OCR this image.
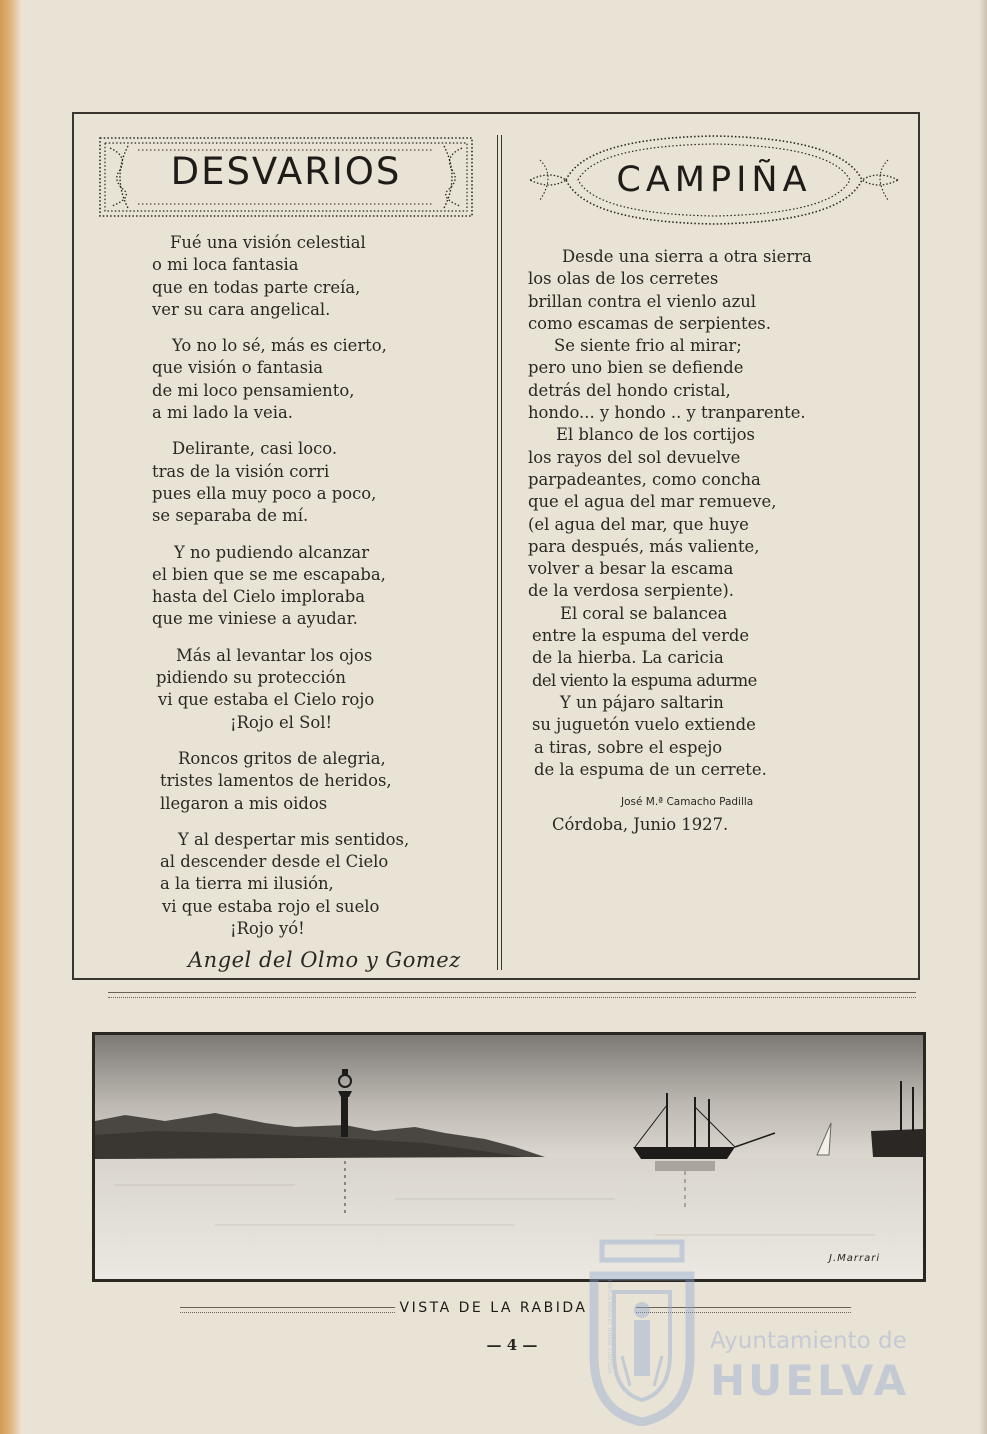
DESVARIOS	CAMPIÑA
Fué una visión celestial
o mi loca fantasia
que en todas parte creía,
ver su cara angelical.
Yo no lo sé, más es cierto,
que visión o fantasia
de mi loco pensamiento,
a mi lado la veia.
Delirante, casi loco.
tras de la visión corri
pues ella muy poco a poco,
se separaba de mí.
Y no pudiendo alcanzar
el bien que se me escapaba,
hasta del Cielo imploraba
que me viniese a ayudar.
Más al levantar los ojos
pidiendo su protección
vi que estaba el Cielo rojo
¡Rojo el Sol!
Roncos gritos de alegria,
tristes lamentos de heridos,
llegaron a mis oidos
Y al despertar mis sentidos,
al descender desde el Cielo
a la tierra mi ilusión,
vi que estaba rojo el suelo
¡Rojo yó!
Angel del Olmo y Gomez
Desde una sierra a otra sierra
los olas de los cerretes
brillan contra el vienlo azul
como escamas de serpientes.
Se siente frio al mirar;
pero uno bien se defiende
detrás del hondo cristal,
hondo... y hondo .. y tranparente.
El blanco de los cortijos
los rayos del sol devuelve
parpadeantes, como concha
que el agua del mar remueve,
(el agua del mar, que huye
para después, más valiente,
volver a besar la escama
de la verdosa serpiente).
El coral se balancea
entre la espuma del verde
de la hierba. La caricia
del viento la espuma adurme
Y un pájaro saltarin
su juguetón vuelo extiende
a tiras, sobre el espejo
de la espuma de un cerrete.
José M.ª Camacho Padilla
Córdoba, Junio 1927.
J.Marrari
VISTA DE LA RABIDA
— 4 —	PORTUS MARIS ET TERRAE CUSTODIA	Ayuntamiento de
HUELVA
